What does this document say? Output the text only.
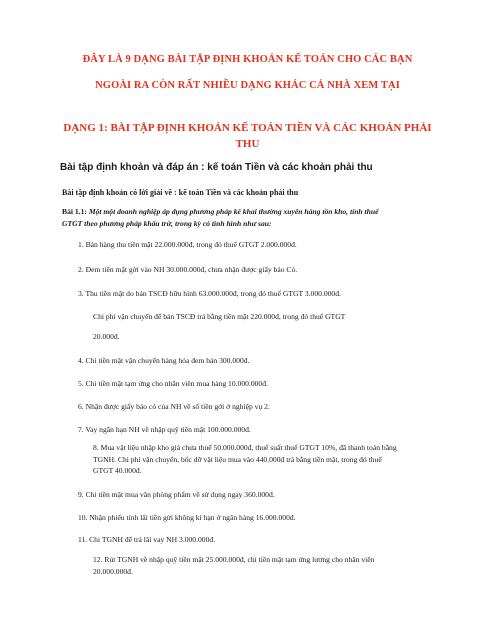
ĐÂY LÀ 9 DẠNG BÀI TẬP ĐỊNH KHOẢN KẾ TOÁN CHO CÁC BẠN
NGOÀI RA CÒN RẤT NHIỀU DẠNG KHÁC CẢ NHÀ XEM TẠI
DẠNG 1: BÀI TẬP ĐỊNH KHOẢN KẾ TOÁN TIỀN VÀ CÁC KHOẢN PHẢI
THU
Bài tập định khoản và đáp án : kế toán Tiền và các khoản phải thu
Bài tập định khoản có lời giải về : kế toán Tiền và các khoản phải thu
Bài 1.1: Một một doanh nghiệp áp dụng phương pháp kê khai thường xuyên hàng tồn kho, tính thuế
GTGT theo phương pháp khấu trừ, trong kỳ có tình hình như sau:
1. Bán hàng thu tiền mặt 22.000.000đ, trong đó thuế GTGT 2.000.000đ.
2. Đem tiền mặt gởi vào NH 30.000.000đ, chưa nhận được giấy báo Có.
3. Thu tiền mặt do bán TSCĐ hữu hình 63.000.000đ, trong đó thuế GTGT 3.000.000đ.
Chi phí vận chuyển để bán TSCĐ trả bằng tiền mặt 220.000đ, trong đó thuế GTGT
20.000đ.
4. Chi tiền mặt vận chuyển hàng hóa đem bán 300.000đ.
5. Chi tiền mặt tạm ứng cho nhân viên mua hàng 10.000.000đ.
6. Nhận được giấy báo có của NH về số tiền gởi ở nghiệp vụ 2.
7. Vay ngắn hạn NH về nhập quỹ tiền mặt 100.000.000đ.
8. Mua vật liệu nhập kho giá chưa thuế 50.000.000đ, thuế suất thuế GTGT 10%, đã thanh toán bằng
TGNH. Chi phí vận chuyển, bốc dỡ vật liệu mua vào 440.000đ trả bằng tiền mặt, trong đó thuế
GTGT 40.000đ.
9. Chi tiền mặt mua văn phòng phẩm về sử dụng ngay 360.000đ.
10. Nhận phiếu tính lãi tiền gửi không kì hạn ở ngân hàng 16.000.000đ.
11. Chi TGNH để trả lãi vay NH 3.000.000đ.
12. Rút TGNH về nhập quỹ tiền mặt 25.000.000đ, chi tiền mặt tạm ứng lương cho nhân viên
20.000.000đ.
